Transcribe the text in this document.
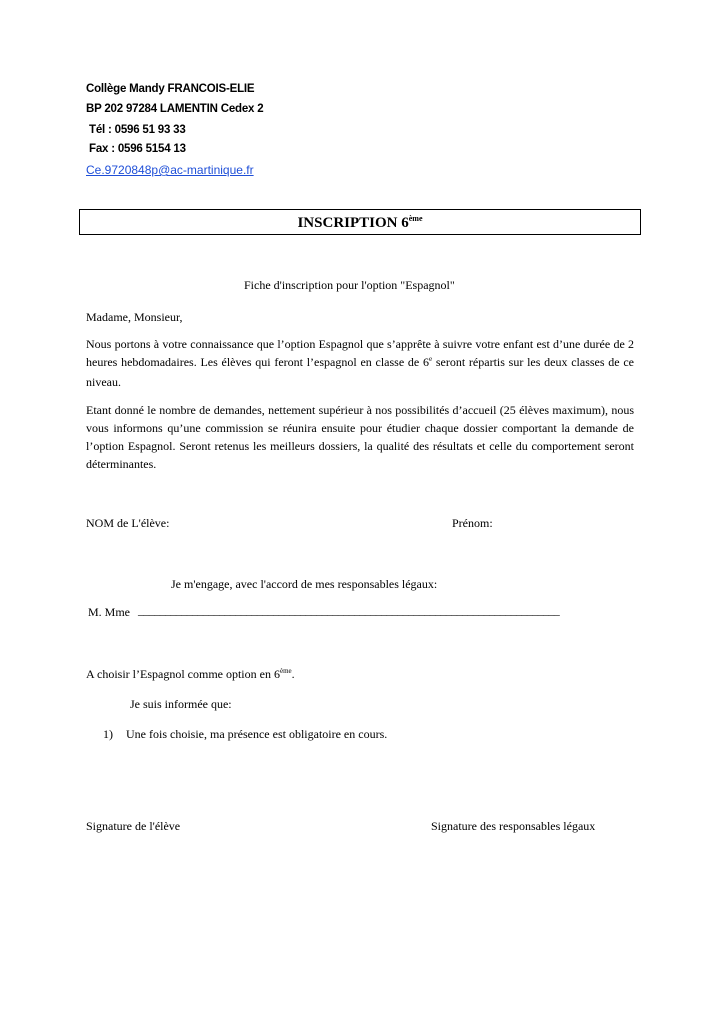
Collège Mandy FRANCOIS-ELIE
BP 202 97284 LAMENTIN Cedex 2
Tél : 0596 51 93 33
Fax : 0596 5154 13
Ce.9720848p@ac-martinique.fr
INSCRIPTION 6ème
Fiche d'inscription pour l'option "Espagnol"
Madame, Monsieur,
Nous portons à votre connaissance que l’option Espagnol que s’apprête à suivre votre enfant est d’une durée de 2 heures hebdomadaires. Les élèves qui feront l’espagnol en classe de 6e seront répartis sur les deux classes de ce niveau.
Etant donné le nombre de demandes, nettement supérieur à nos possibilités d’accueil (25 élèves maximum), nous vous informons qu’une commission se réunira ensuite pour étudier chaque dossier comportant la demande de l’option Espagnol. Seront retenus les meilleurs dossiers, la qualité des résultats et celle du comportement seront déterminantes.
NOM de L'élève:	Prénom:
Je m'engage, avec l'accord de mes responsables légaux:
M. Mme ______________________________________________________________________________
A choisir l’Espagnol comme option en 6ème.
Je suis informée que:
1) Une fois choisie, ma présence est obligatoire en cours.
Signature de l'élève	Signature des responsables légaux
